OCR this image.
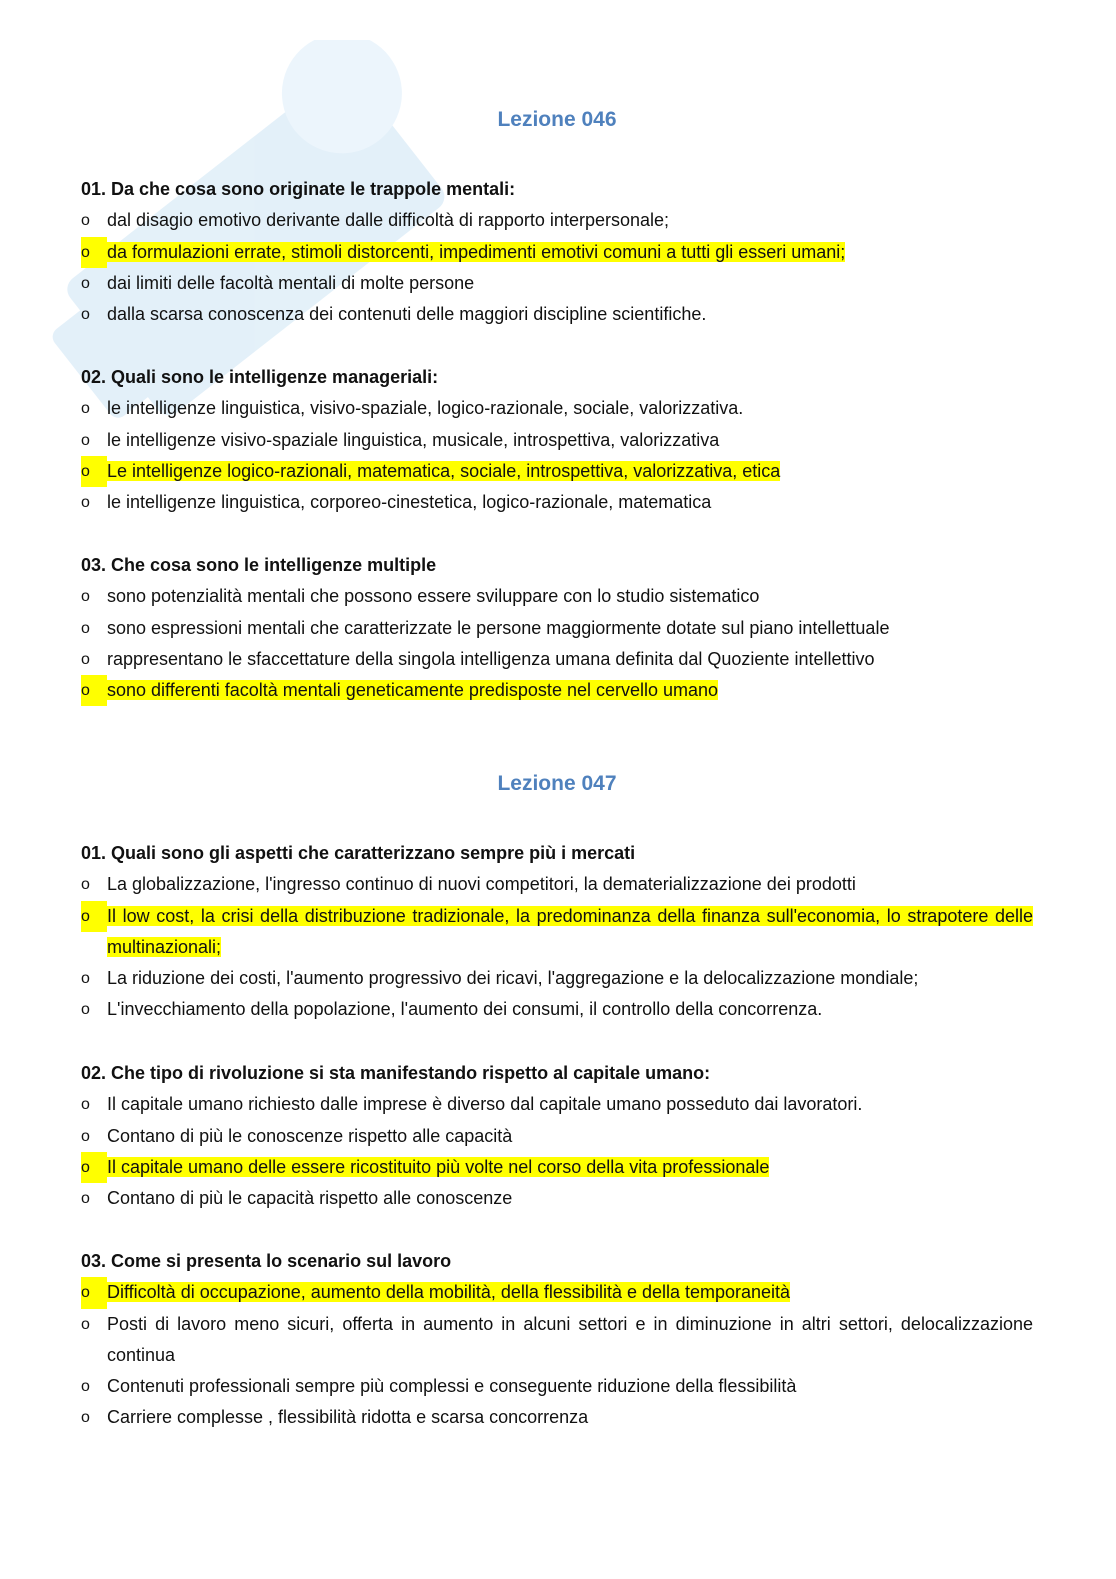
Lezione 046

01. Da che cosa sono originate le trappole mentali:

o dal disagio emotivo derivante dalle difficoltà di rapporto interpersonale;
o da formulazioni errate, stimoli distorcenti, impedimenti emotivi comuni a tutti gli esseri umani;
o dai limiti delle facoltà mentali di molte persone
o dalla scarsa conoscenza dei contenuti delle maggiori discipline scientifiche.

02. Quali sono le intelligenze manageriali:

o le intelligenze linguistica, visivo-spaziale, logico-razionale, sociale, valorizzativa.
o le intelligenze visivo-spaziale linguistica, musicale, introspettiva, valorizzativa
o Le intelligenze logico-razionali, matematica, sociale, introspettiva, valorizzativa, etica
o le intelligenze linguistica, corporeo-cinestetica, logico-razionale, matematica

03. Che cosa sono le intelligenze multiple

o sono potenzialità mentali che possono essere sviluppare con lo studio sistematico
o sono espressioni mentali che caratterizzate le persone maggiormente dotate sul piano intellettuale
o rappresentano le sfaccettature della singola intelligenza umana definita dal Quoziente intellettivo
o sono differenti facoltà mentali geneticamente predisposte nel cervello umano
Lezione 047

01. Quali sono gli aspetti che caratterizzano sempre più i mercati

o La globalizzazione, l'ingresso continuo di nuovi competitori, la dematerializzazione dei prodotti
o Il low cost, la crisi della distribuzione tradizionale, la predominanza della finanza sull'economia, lo strapotere delle multinazionali;
o La riduzione dei costi, l'aumento progressivo dei ricavi, l'aggregazione e la delocalizzazione mondiale;
o L'invecchiamento della popolazione, l'aumento dei consumi, il controllo della concorrenza.

02. Che tipo di rivoluzione si sta manifestando rispetto al capitale umano:

o Il capitale umano richiesto dalle imprese è diverso dal capitale umano posseduto dai lavoratori.
o Contano di più le conoscenze rispetto alle capacità
o Il capitale umano delle essere ricostituito più volte nel corso della vita professionale
o Contano di più le capacità rispetto alle conoscenze

03. Come si presenta lo scenario sul lavoro

o Difficoltà di occupazione, aumento della mobilità, della flessibilità e della temporaneità
o Posti di lavoro meno sicuri, offerta in aumento in alcuni settori e in diminuzione in altri settori, delocalizzazione continua
o Contenuti professionali sempre più complessi e conseguente riduzione della flessibilità
o Carriere complesse , flessibilità ridotta e scarsa concorrenza
